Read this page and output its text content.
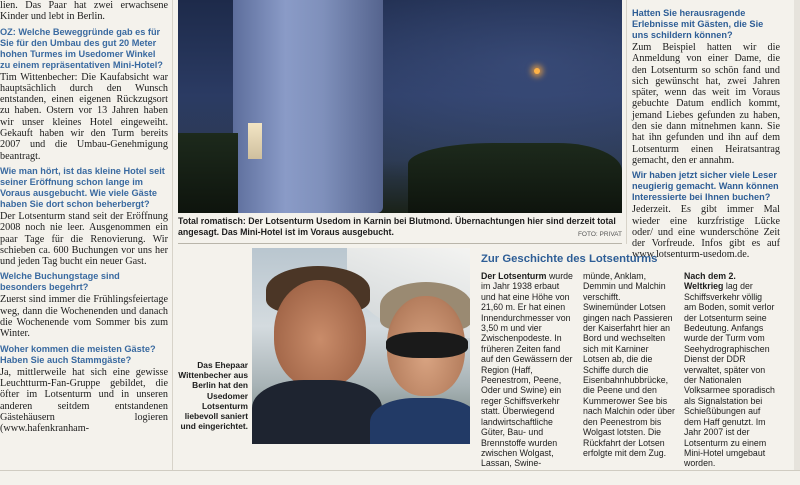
lien. Das Paar hat zwei erwachsene Kinder und lebt in Berlin.

OZ: Welche Beweggründe gab es für Sie für den Umbau des gut 20 Meter hohen Turmes im Usedomer Winkel zu einem repräsentativen Mini-Hotel?

Tim Wittenbecher: Die Kaufabsicht war hauptsächlich durch den Wunsch entstanden, einen eigenen Rückzugsort zu haben. Ostern vor 13 Jahren haben wir unser kleines Hotel eingeweiht. Gekauft haben wir den Turm bereits 2007 und die Umbau-Genehmigung beantragt.

Wie man hört, ist das kleine Hotel seit seiner Eröffnung schon lange im Voraus ausgebucht. Wie viele Gäste haben Sie dort schon beherbergt?

Der Lotsenturm stand seit der Eröffnung 2008 noch nie leer. Ausgenommen ein paar Tage für die Renovierung. Wir schieben ca. 600 Buchungen vor uns her und jeden Tag bucht ein neuer Gast.

Welche Buchungstage sind besonders begehrt?

Zuerst sind immer die Frühlingsfeiertage weg, dann die Wochenenden und danach die Wochenende vom Sommer bis zum Winter.

Woher kommen die meisten Gäste? Haben Sie auch Stammgäste?

Ja, mittlerweile hat sich eine gewisse Leuchtturm-Fan-Gruppe gebildet, die öfter im Lotsenturm und in unseren anderen seitdem entstandenen Gästehäusern logieren (www.hafenkranham-

Total romatisch: Der Lotsenturm Usedom in Karnin bei Blutmond. Übernachtungen hier sind derzeit total angesagt. Das Mini-Hotel ist im Voraus ausgebucht.	FOTO: PRIVAT

Hatten Sie herausragende Erlebnisse mit Gästen, die Sie uns schildern können?

Zum Beispiel hatten wir die Anmeldung von einer Dame, die den Lotsenturm so schön fand und sich gewünscht hat, zwei Jahren später, wenn das weit im Voraus gebuchte Datum endlich kommt, jemand Liebes gefunden zu haben, den sie dann mitnehmen kann. Sie hat ihn gefunden und ihn auf dem Lotsenturm einen Heiratsantrag gemacht, den er annahm.

Wir haben jetzt sicher viele Leser neugierig gemacht. Wann können Interessierte bei Ihnen buchen?

Jederzeit. Es gibt immer Mal wieder eine kurzfristige Lücke oder/ und eine wunderschöne Zeit der Vorfreude. Infos gibt es auf www.lotsenturm-usedom.de.

Das Ehepaar Wittenbecher aus Berlin hat den Usedomer Lotsenturm liebevoll saniert und eingerichtet.
Zur Geschichte des Lotsenturms

Der Lotsenturm wurde im Jahr 1938 erbaut und hat eine Höhe von 21,60 m. Er hat einen Innendurchmesser von 3,50 m und vier Zwischenpodeste. In früheren Zeiten fand auf den Gewässern der Region (Haff, Peenestrom, Peene, Oder und Swine) ein reger Schiffsverkehr statt. Überwiegend landwirtschaftliche Güter, Bau- und Brennstoffe wurden zwischen Wolgast, Lassan, Swine-

münde, Anklam, Demmin und Malchin verschifft. Swinemünder Lotsen gingen nach Passieren der Kaiserfahrt hier an Bord und wechselten sich mit Karniner Lotsen ab, die die Schiffe durch die Eisenbahnhubbrücke, die Peene und den Kummerower See bis nach Malchin oder über den Peenestrom bis Wolgast lotsten. Die Rückfahrt der Lotsen erfolgte mit dem Zug.

Nach dem 2. Weltkrieg lag der Schiffsverkehr völlig am Boden, somit verlor der Lotsenturm seine Bedeutung. Anfangs wurde der Turm vom Seehydrographischen Dienst der DDR verwaltet, später von der Nationalen Volksarmee sporadisch als Signalstation bei Schießübungen auf dem Haff genutzt. Im Jahr 2007 ist der Lotsenturm zu einem Mini-Hotel umgebaut worden.
